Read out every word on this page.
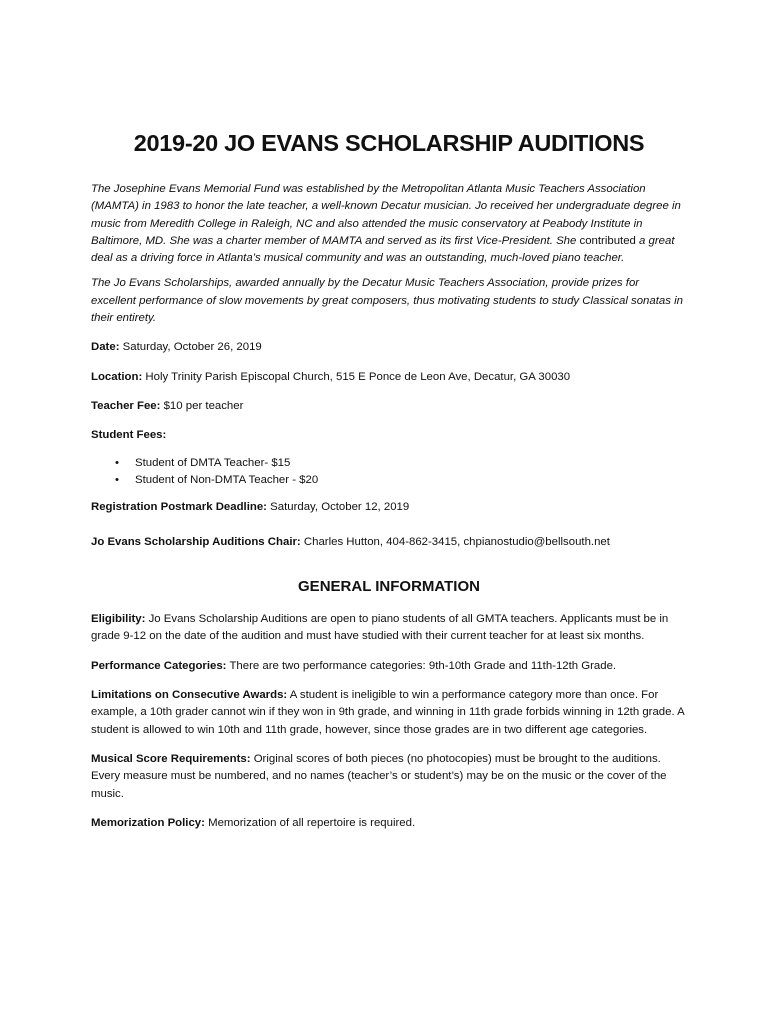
2019-20 JO EVANS SCHOLARSHIP AUDITIONS

The Josephine Evans Memorial Fund was established by the Metropolitan Atlanta Music Teachers Association (MAMTA) in 1983 to honor the late teacher, a well-known Decatur musician. Jo received her undergraduate degree in music from Meredith College in Raleigh, NC and also attended the music conservatory at Peabody Institute in Baltimore, MD. She was a charter member of MAMTA and served as its first Vice-President. She contributed a great deal as a driving force in Atlanta’s musical community and was an outstanding, much-loved piano teacher.

The Jo Evans Scholarships, awarded annually by the Decatur Music Teachers Association, provide prizes for excellent performance of slow movements by great composers, thus motivating students to study Classical sonatas in their entirety.

Date: Saturday, October 26, 2019

Location: Holy Trinity Parish Episcopal Church, 515 E Ponce de Leon Ave, Decatur, GA 30030

Teacher Fee: $10 per teacher

Student Fees:

• Student of DMTA Teacher- $15
• Student of Non-DMTA Teacher - $20

Registration Postmark Deadline: Saturday, October 12, 2019

Jo Evans Scholarship Auditions Chair: Charles Hutton, 404-862-3415, chpianostudio@bellsouth.net

GENERAL INFORMATION

Eligibility: Jo Evans Scholarship Auditions are open to piano students of all GMTA teachers. Applicants must be in grade 9-12 on the date of the audition and must have studied with their current teacher for at least six months.

Performance Categories: There are two performance categories: 9th-10th Grade and 11th-12th Grade.

Limitations on Consecutive Awards: A student is ineligible to win a performance category more than once. For example, a 10th grader cannot win if they won in 9th grade, and winning in 11th grade forbids winning in 12th grade. A student is allowed to win 10th and 11th grade, however, since those grades are in two different age categories.

Musical Score Requirements: Original scores of both pieces (no photocopies) must be brought to the auditions. Every measure must be numbered, and no names (teacher’s or student’s) may be on the music or the cover of the music.

Memorization Policy: Memorization of all repertoire is required.
